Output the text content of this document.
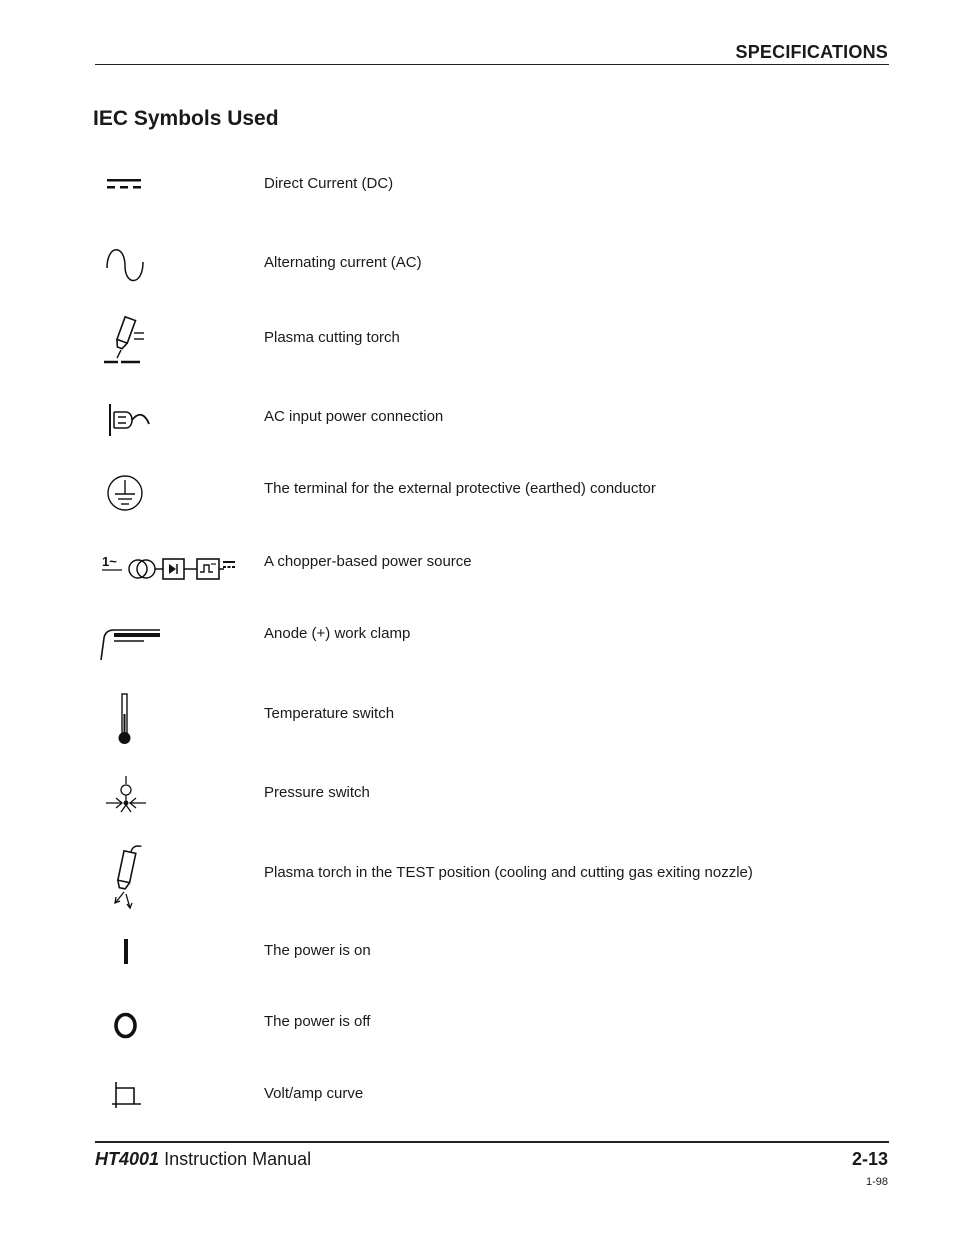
SPECIFICATIONS
IEC Symbols Used
Direct Current (DC)
Alternating current (AC)
Plasma cutting torch
AC input power connection
The terminal for the external protective (earthed) conductor
1~	A chopper-based power source
Anode (+) work clamp
Temperature switch
Pressure switch
Plasma torch in the TEST position (cooling and cutting gas exiting nozzle)
The power is on
The power is off
Volt/amp curve
HT4001 Instruction Manual	2-13
1-98
